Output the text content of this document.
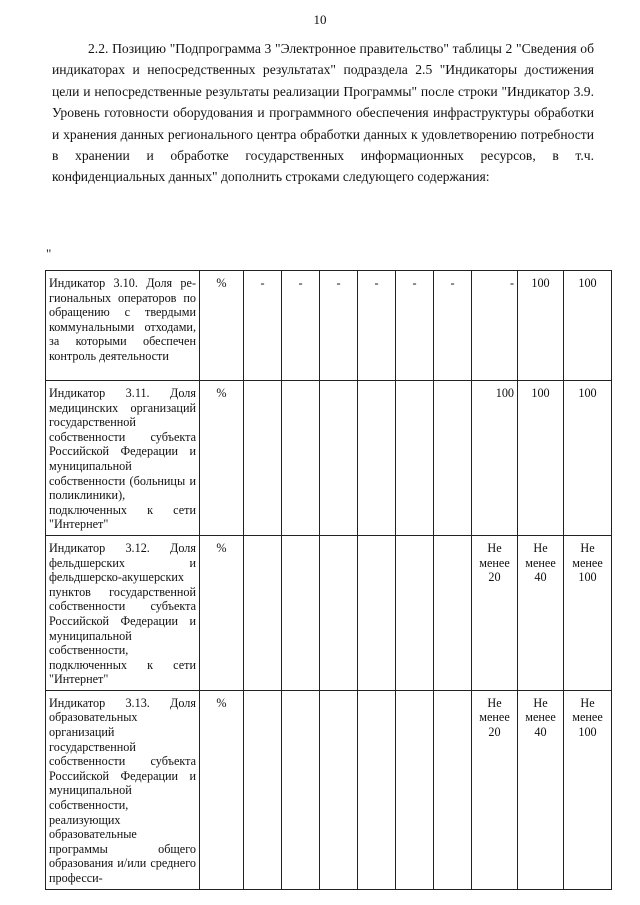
10

2.2. Позицию "Подпрограмма 3 "Электронное правительство" таблицы 2 "Сведения об индикаторах и непосредственных результатах" подраздела 2.5 "Индикаторы достижения цели и непосредственные результаты реализации Программы" после строки "Индикатор 3.9. Уровень готовности оборудования и программного обеспечения инфраструктуры обработки и хранения данных регионального центра обработки данных к удовлетворению потребности в хранении и обработке государственных информационных ресурсов, в т.ч. конфиденциальных данных" дополнить строками следующего содержания:

"
Индикатор 3.10. Доля региональных операторов по обращению с твердыми коммунальными отходами, за которыми обеспечен контроль деятельности	%	-	-	-	-	-	-	-	100	100
Индикатор 3.11. Доля медицинских организаций государственной собственности субъекта Российской Федерации и муниципальной собственности (больницы и поликлиники), подключенных к сети "Интернет"	%							100	100	100
Индикатор 3.12. Доля фельдшерских и фельдшерско-акушерских пунктов государственной собственности субъекта Российской Федерации и муниципальной собственности, подключенных к сети "Интернет"	%							Не менее 20	Не менее 40	Не менее 100
Индикатор 3.13. Доля образовательных организаций государственной собственности субъекта Российской Федерации и муниципальной собственности, реализующих образовательные программы общего образования и/или среднего професси-	%							Не менее 20	Не менее 40	Не менее 100
